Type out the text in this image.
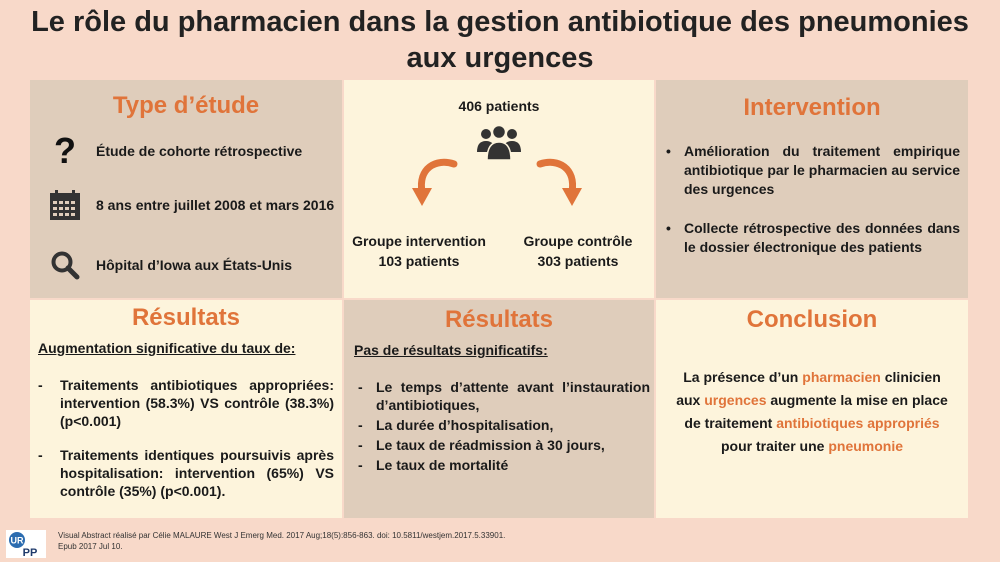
Le rôle du pharmacien dans la gestion antibiotique des pneumonies
aux urgences
Type d’étude
? Étude de cohorte rétrospective
8 ans entre juillet 2008 et mars 2016
Hôpital d’Iowa aux États-Unis
406 patients
Groupe intervention
103 patients
Groupe contrôle
303 patients
Intervention
• Amélioration du traitement empirique antibiotique par le pharmacien au service des urgences
• Collecte rétrospective des données dans le dossier électronique des patients
Résultats
Augmentation significative du taux de:
- Traitements antibiotiques appropriées: intervention (58.3%) VS contrôle (38.3%) (p<0.001)
- Traitements identiques poursuivis après hospitalisation: intervention (65%) VS contrôle (35%) (p<0.001).
Résultats
Pas de résultats significatifs:
- Le temps d’attente avant l’instauration d’antibiotiques,
- La durée d’hospitalisation,
- Le taux de réadmission à 30 jours,
- Le taux de mortalité
Conclusion
La présence d’un pharmacien clinicien aux urgences augmente la mise en place de traitement antibiotiques appropriés pour traiter une pneumonie
UR
PP
Visual Abstract réalisé par Célie MALAURE West J Emerg Med. 2017 Aug;18(5):856-863. doi: 10.5811/westjem.2017.5.33901.
Epub 2017 Jul 10.
